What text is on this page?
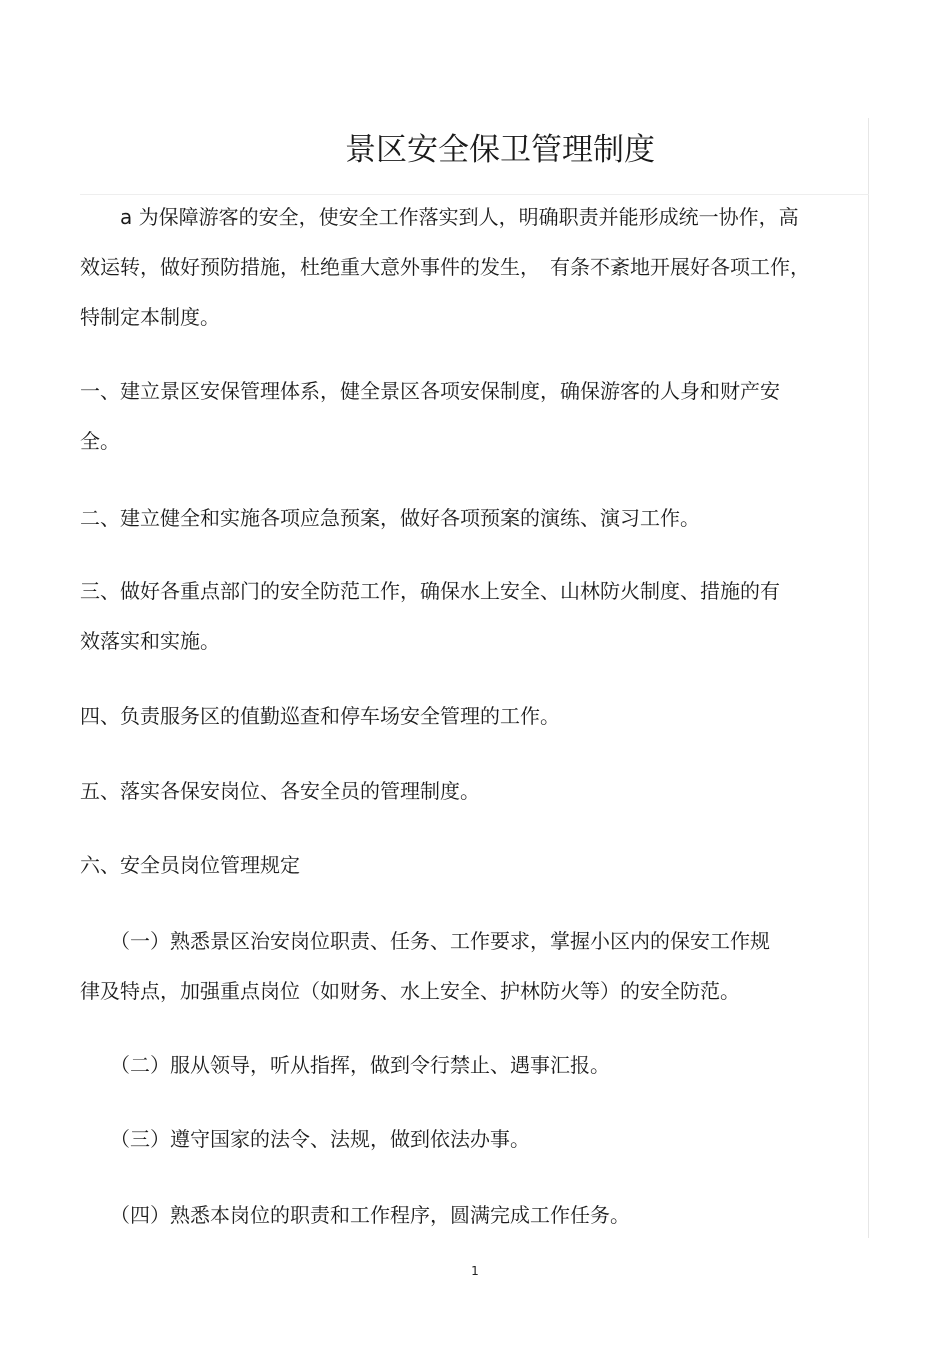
景区安全保卫管理制度
　　a 为保障游客的安全，使安全工作落实到人，明确职责并能形成统一协作，高
效运转，做好预防措施，杜绝重大意外事件的发生，　有条不紊地开展好各项工作，
特制定本制度。
一、建立景区安保管理体系，健全景区各项安保制度，确保游客的人身和财产安
全。
二、建立健全和实施各项应急预案，做好各项预案的演练、演习工作。
三、做好各重点部门的安全防范工作，确保水上安全、山林防火制度、措施的有
效落实和实施。
四、负责服务区的值勤巡查和停车场安全管理的工作。
五、落实各保安岗位、各安全员的管理制度。
六、安全员岗位管理规定
　　（一）熟悉景区治安岗位职责、任务、工作要求，掌握小区内的保安工作规
律及特点，加强重点岗位（如财务、水上安全、护林防火等）的安全防范。
　　（二）服从领导，听从指挥，做到令行禁止、遇事汇报。
　　（三）遵守国家的法令、法规，做到依法办事。
　　（四）熟悉本岗位的职责和工作程序，圆满完成工作任务。
1
